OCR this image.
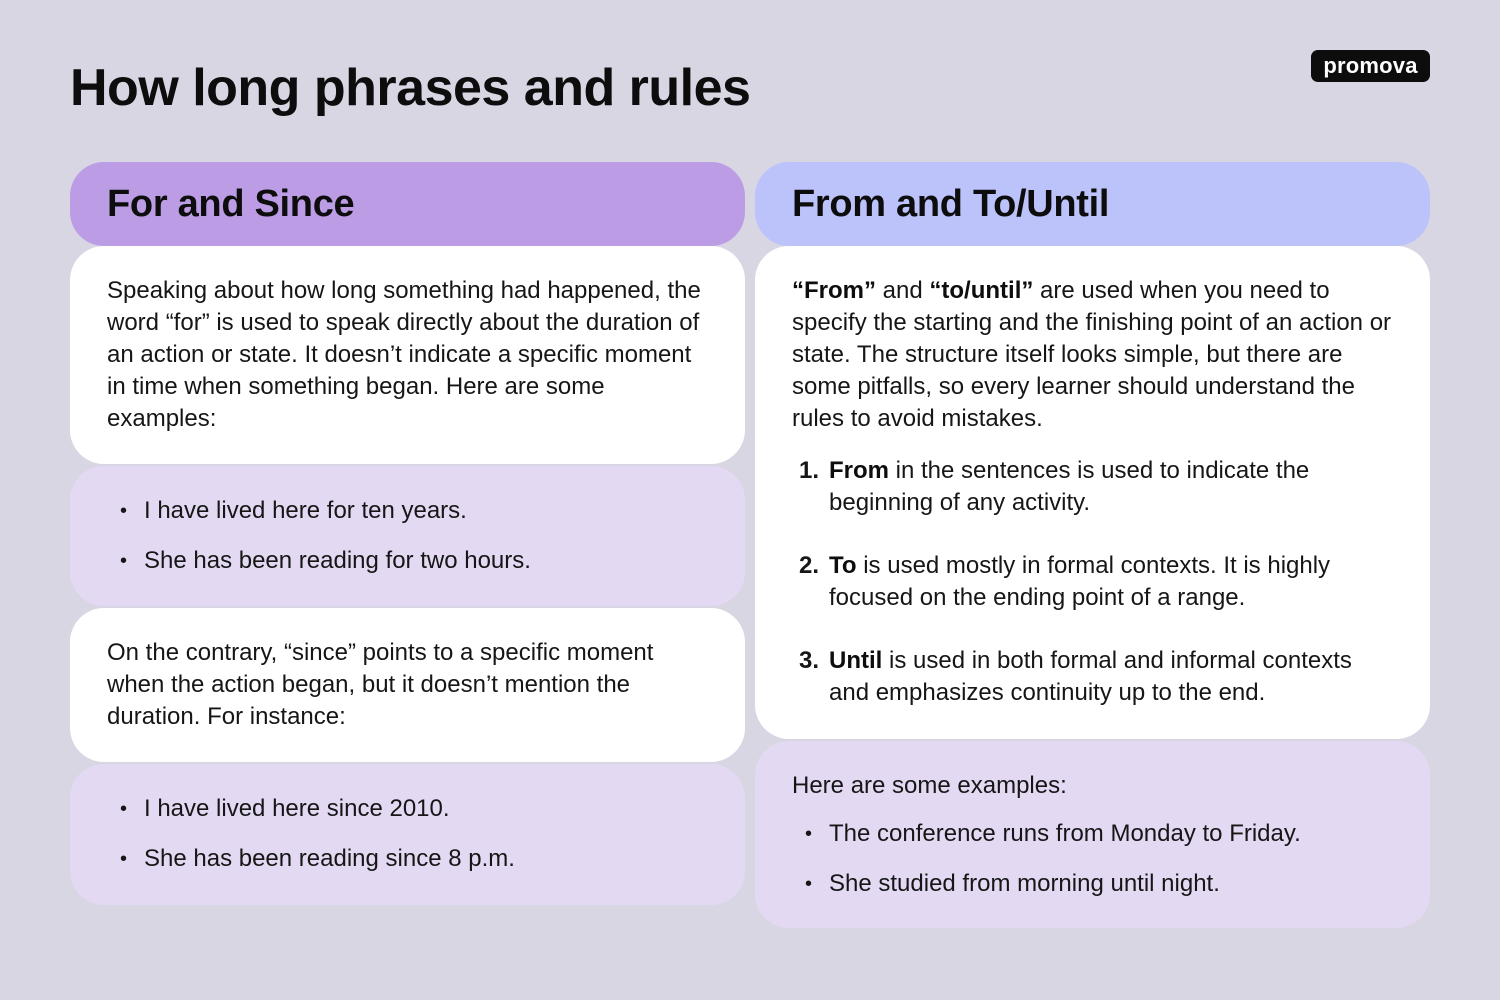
How long phrases and rules	promova
For and Since

Speaking about how long something had happened, the word “for” is used to speak directly about the duration of an action or state. It doesn’t indicate a specific moment in time when something began. Here are some examples:

• I have lived here for ten years.
• She has been reading for two hours.

On the contrary, “since” points to a specific moment when the action began, but it doesn’t mention the duration. For instance:

• I have lived here since 2010.
• She has been reading since 8 p.m.
From and To/Until

“From” and “to/until” are used when you need to specify the starting and the finishing point of an action or state. The structure itself looks simple, but there are some pitfalls, so every learner should understand the rules to avoid mistakes.

1. From in the sentences is used to indicate the beginning of any activity.
2. To is used mostly in formal contexts. It is highly focused on the ending point of a range.
3. Until is used in both formal and informal contexts and emphasizes continuity up to the end.

Here are some examples:

• The conference runs from Monday to Friday.
• She studied from morning until night.
